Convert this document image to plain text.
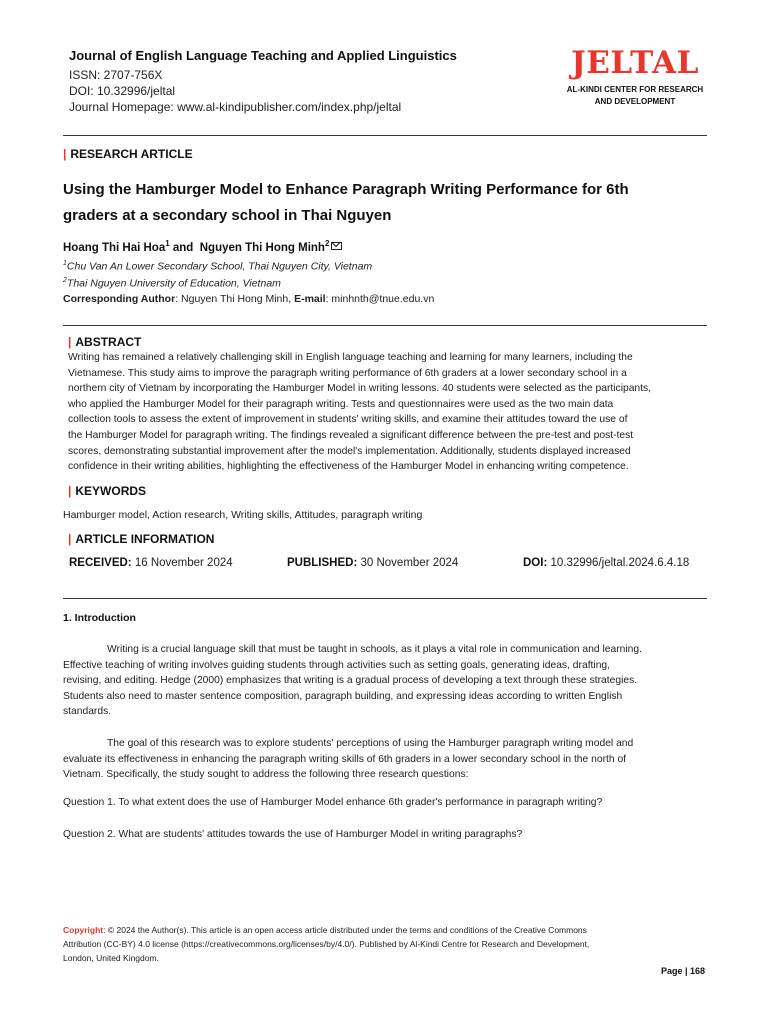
Journal of English Language Teaching and Applied Linguistics
ISSN: 2707-756X
DOI: 10.32996/jeltal
Journal Homepage: www.al-kindipublisher.com/index.php/jeltal
JELTAL
AL-KINDI CENTER FOR RESEARCH
AND DEVELOPMENT
| RESEARCH ARTICLE
Using the Hamburger Model to Enhance Paragraph Writing Performance for 6th
graders at a secondary school in Thai Nguyen
Hoang Thi Hai Hoa$^1$ and Nguyen Thi Hong Minh$^2$
$^1$Chu Van An Lower Secondary School, Thai Nguyen City, Vietnam
$^2$Thai Nguyen University of Education, Vietnam
Corresponding Author: Nguyen Thi Hong Minh, E-mail: minhnth@tnue.edu.vn
| ABSTRACT
Writing has remained a relatively challenging skill in English language teaching and learning for many learners, including the
Vietnamese. This study aims to improve the paragraph writing performance of 6th graders at a lower secondary school in a
northern city of Vietnam by incorporating the Hamburger Model in writing lessons. 40 students were selected as the participants,
who applied the Hamburger Model for their paragraph writing. Tests and questionnaires were used as the two main data
collection tools to assess the extent of improvement in students' writing skills, and examine their attitudes toward the use of
the Hamburger Model for paragraph writing. The findings revealed a significant difference between the pre-test and post-test
scores, demonstrating substantial improvement after the model's implementation. Additionally, students displayed increased
confidence in their writing abilities, highlighting the effectiveness of the Hamburger Model in enhancing writing competence.
| KEYWORDS
Hamburger model, Action research, Writing skills, Attitudes, paragraph writing
| ARTICLE INFORMATION
RECEIVED: 16 November 2024	PUBLISHED: 30 November 2024	DOI: 10.32996/jeltal.2024.6.4.18
1. Introduction
Writing is a crucial language skill that must be taught in schools, as it plays a vital role in communication and learning.
Effective teaching of writing involves guiding students through activities such as setting goals, generating ideas, drafting,
revising, and editing. Hedge (2000) emphasizes that writing is a gradual process of developing a text through these strategies.
Students also need to master sentence composition, paragraph building, and expressing ideas according to written English
standards.
The goal of this research was to explore students' perceptions of using the Hamburger paragraph writing model and
evaluate its effectiveness in enhancing the paragraph writing skills of 6th graders in a lower secondary school in the north of
Vietnam. Specifically, the study sought to address the following three research questions:
Question 1. To what extent does the use of Hamburger Model enhance 6th grader's performance in paragraph writing?
Question 2. What are students' attitudes towards the use of Hamburger Model in writing paragraphs?
Copyright: © 2024 the Author(s). This article is an open access article distributed under the terms and conditions of the Creative Commons
Attribution (CC-BY) 4.0 license (https://creativecommons.org/licenses/by/4.0/). Published by Al-Kindi Centre for Research and Development,
London, United Kingdom.
Page | 168
